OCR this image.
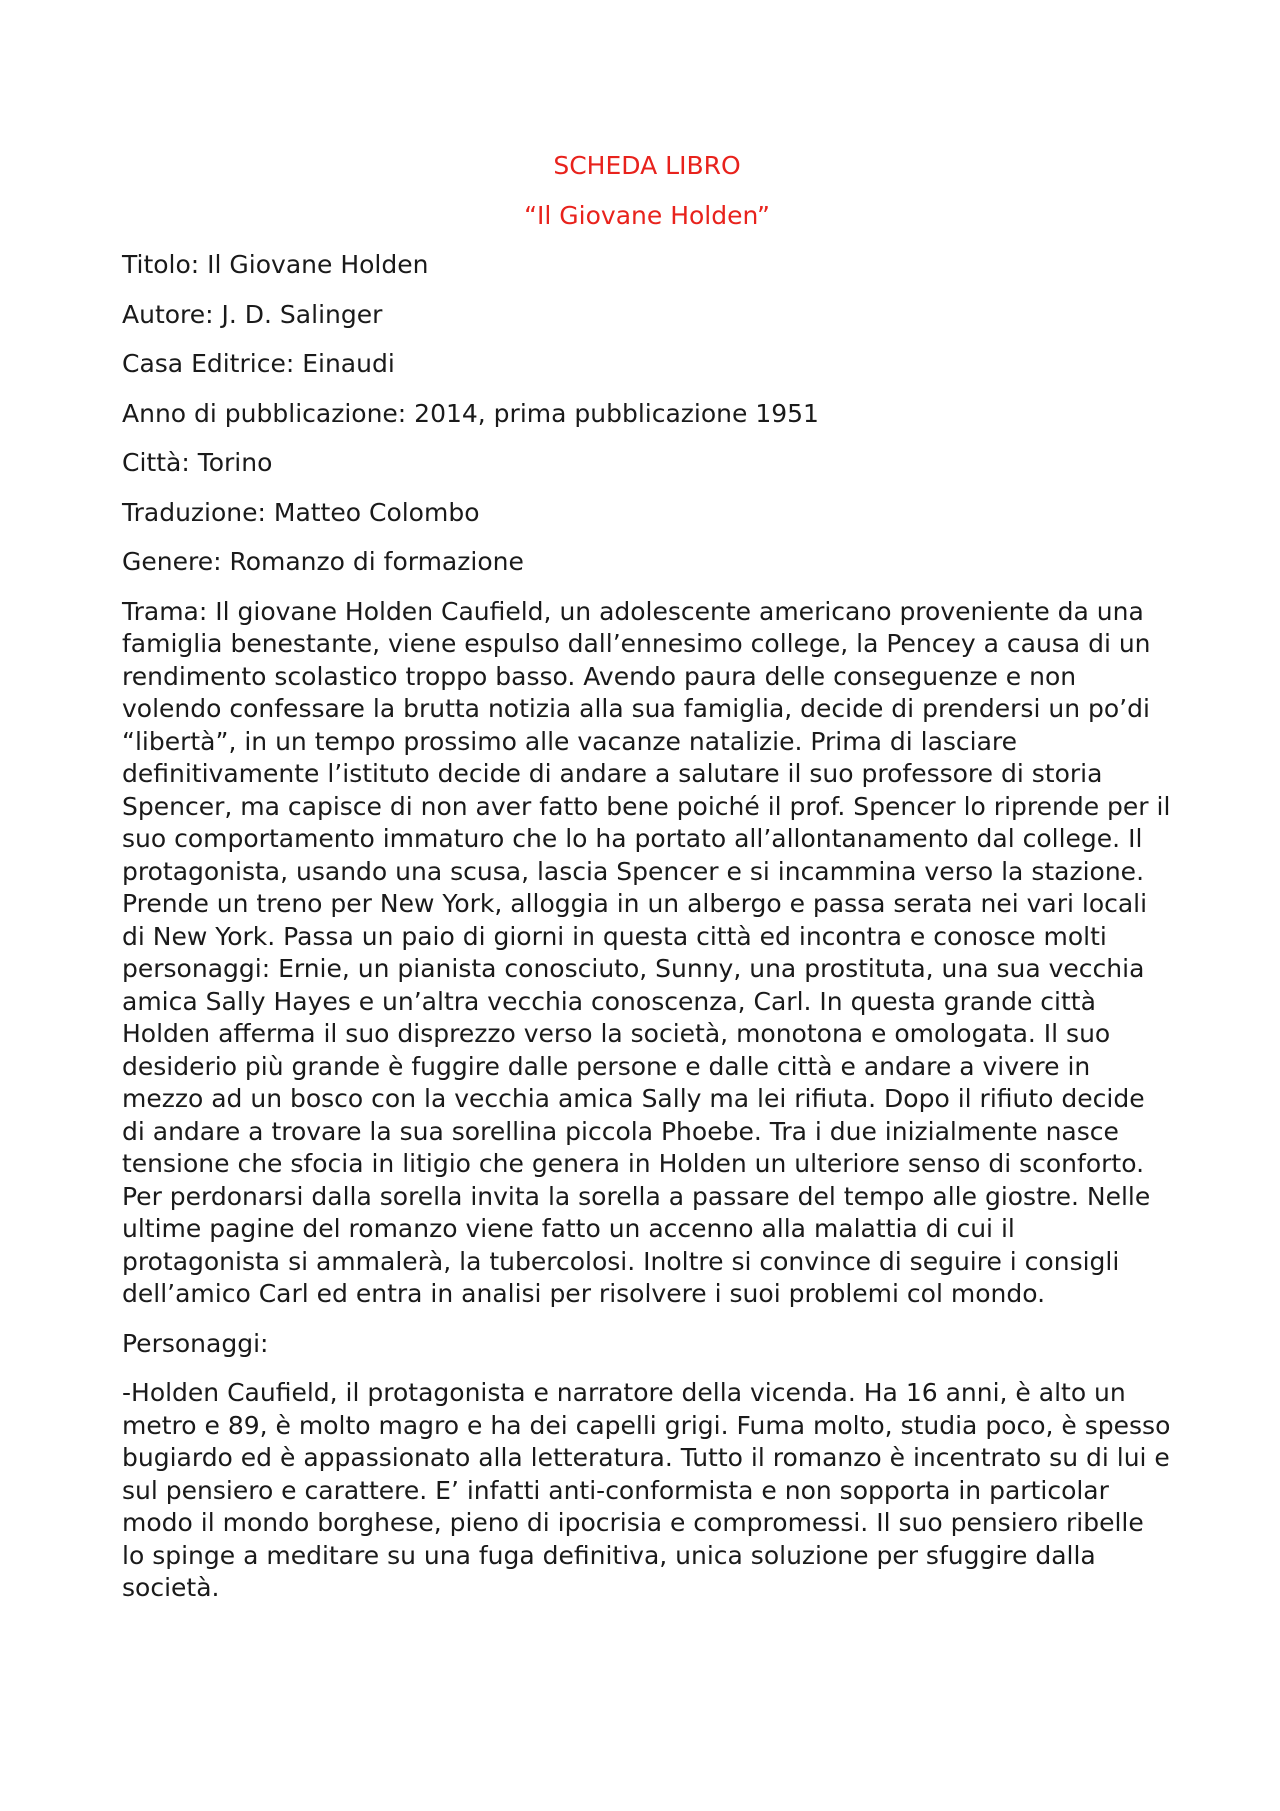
SCHEDA LIBRO

“Il Giovane Holden”

Titolo: Il Giovane Holden

Autore: J. D. Salinger

Casa Editrice: Einaudi

Anno di pubblicazione: 2014, prima pubblicazione 1951

Città: Torino

Traduzione: Matteo Colombo

Genere: Romanzo di formazione

Trama: Il giovane Holden Caufield, un adolescente americano proveniente da una famiglia benestante, viene espulso dall’ennesimo college, la Pencey a causa di un rendimento scolastico troppo basso. Avendo paura delle conseguenze e non volendo confessare la brutta notizia alla sua famiglia, decide di prendersi un po’di “libertà”, in un tempo prossimo alle vacanze natalizie. Prima di lasciare definitivamente l’istituto decide di andare a salutare il suo professore di storia Spencer, ma capisce di non aver fatto bene poiché il prof. Spencer lo riprende per il suo comportamento immaturo che lo ha portato all’allontanamento dal college. Il protagonista, usando una scusa, lascia Spencer e si incammina verso la stazione. Prende un treno per New York, alloggia in un albergo e passa serata nei vari locali di New York. Passa un paio di giorni in questa città ed incontra e conosce molti personaggi: Ernie, un pianista conosciuto, Sunny, una prostituta, una sua vecchia amica Sally Hayes e un’altra vecchia conoscenza, Carl. In questa grande città Holden afferma il suo disprezzo verso la società, monotona e omologata. Il suo desiderio più grande è fuggire dalle persone e dalle città e andare a vivere in mezzo ad un bosco con la vecchia amica Sally ma lei rifiuta. Dopo il rifiuto decide di andare a trovare la sua sorellina piccola Phoebe. Tra i due inizialmente nasce tensione che sfocia in litigio che genera in Holden un ulteriore senso di sconforto. Per perdonarsi dalla sorella invita la sorella a passare del tempo alle giostre. Nelle ultime pagine del romanzo viene fatto un accenno alla malattia di cui il protagonista si ammalerà, la tubercolosi. Inoltre si convince di seguire i consigli dell’amico Carl ed entra in analisi per risolvere i suoi problemi col mondo.

Personaggi:

-Holden Caufield, il protagonista e narratore della vicenda. Ha 16 anni, è alto un metro e 89, è molto magro e ha dei capelli grigi. Fuma molto, studia poco, è spesso bugiardo ed è appassionato alla letteratura. Tutto il romanzo è incentrato su di lui e sul pensiero e carattere. E’ infatti anti-conformista e non sopporta in particolar modo il mondo borghese, pieno di ipocrisia e compromessi. Il suo pensiero ribelle lo spinge a meditare su una fuga definitiva, unica soluzione per sfuggire dalla società.
